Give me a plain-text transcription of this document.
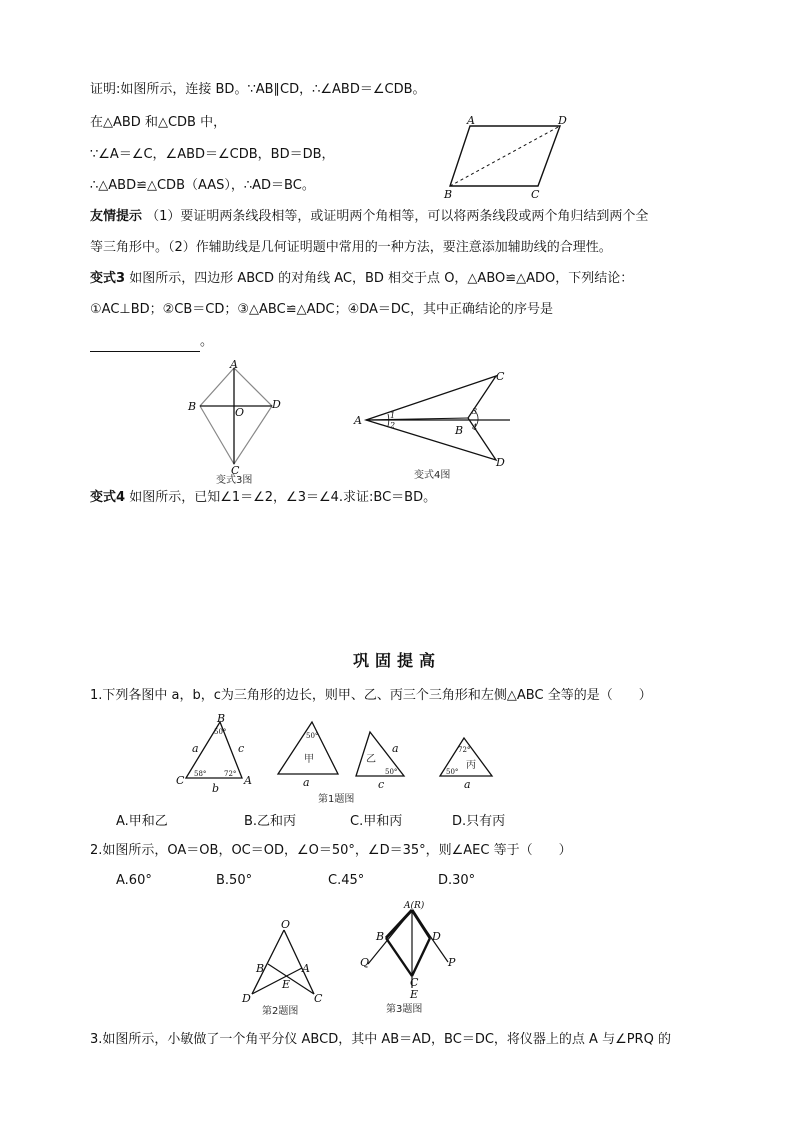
证明:如图所示，连接 BD。∵AB∥CD，∴∠ABD＝∠CDB。
在△ABD 和△CDB 中，
∵∠A＝∠C，∠ABD＝∠CDB，BD＝DB，
∴△ABD≌△CDB（AAS），∴AD＝BC。
A	D
B	C
友情提示 （1）要证明两条线段相等，或证明两个角相等，可以将两条线段或两个角归结到两个全
等三角形中。（2）作辅助线是几何证明题中常用的一种方法，要注意添加辅助线的合理性。
变式3 如图所示，四边形 ABCD 的对角线 AC，BD 相交于点 O，△ABO≌△ADO，下列结论：
①AC⊥BD；②CB＝CD；③△ABC≌△ADC；④DA＝DC，其中正确结论的序号是
。
A
B	D
O
C
变式3图
A
C
D
B
1
2
3
4
变式4图
变式4 如图所示，已知∠1＝∠2，∠3＝∠4.求证:BC＝BD。
巩固提高
1.下列各图中 a，b，c为三角形的边长，则甲、乙、丙三个三角形和左侧△ABC 全等的是（　　）
B
C	A
a	c
b
50°
58°	72°
50°
甲
a
a
乙
50°
c
72°
50°
丙
a
第1题图
A.甲和乙	B.乙和丙	C.甲和丙	D.只有丙
2.如图所示，OA＝OB，OC＝OD，∠O＝50°，∠D＝35°，则∠AEC 等于（　　）
A.60°	B.50°	C.45°	D.30°
O
B	A
E
D	C
第2题图
A(R)
B	D
Q	P
C
E
第3题图
3.如图所示，小敏做了一个角平分仪 ABCD，其中 AB＝AD，BC＝DC，将仪器上的点 A 与∠PRQ 的
